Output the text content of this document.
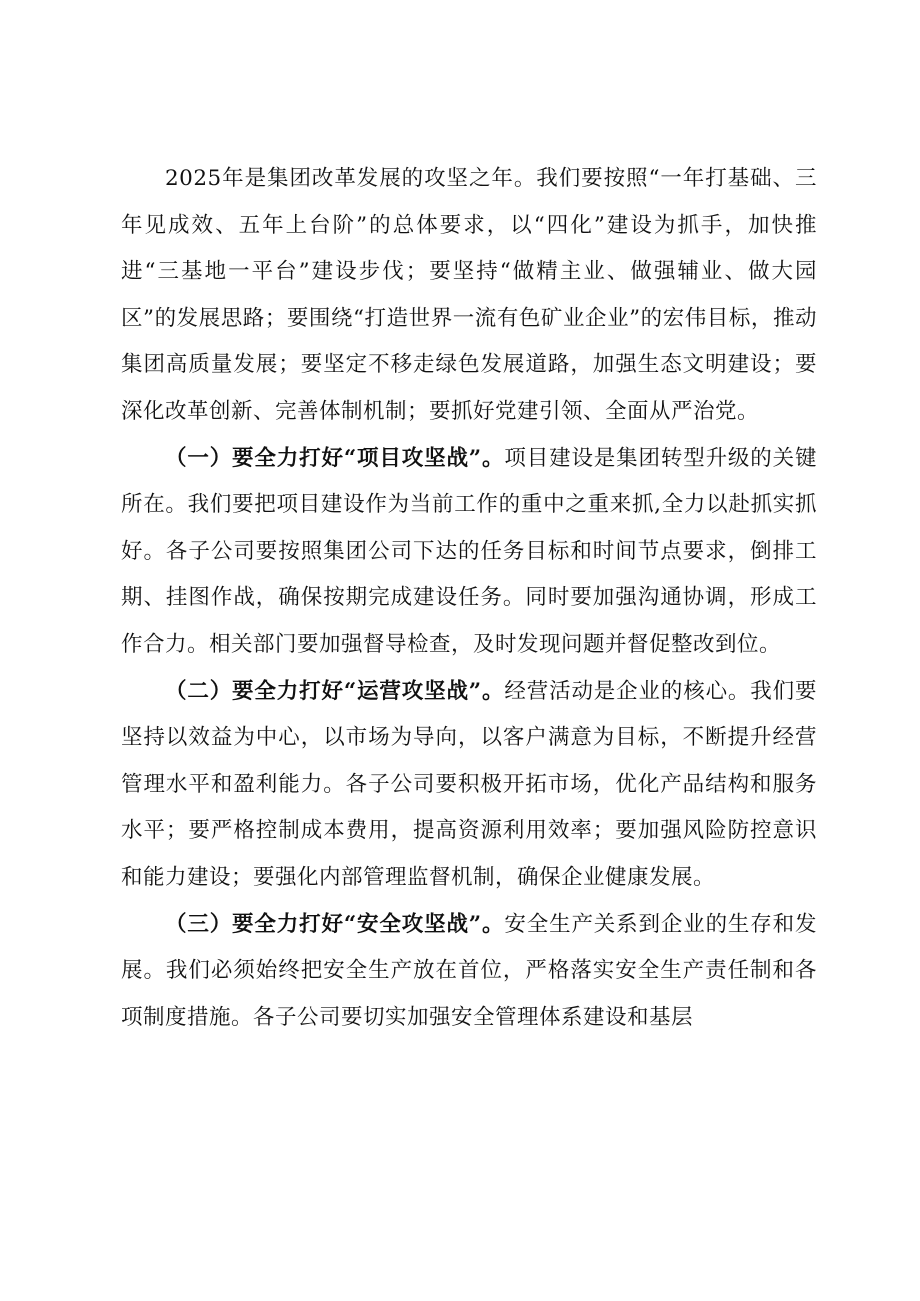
2025年是集团改革发展的攻坚之年。我们要按照“一年打基础、三年见成效、五年上台阶”的总体要求，以“四化”建设为抓手，加快推进“三基地一平台”建设步伐；要坚持“做精主业、做强辅业、做大园区”的发展思路；要围绕“打造世界一流有色矿业企业”的宏伟目标，推动集团高质量发展；要坚定不移走绿色发展道路，加强生态文明建设；要深化改革创新、完善体制机制；要抓好党建引领、全面从严治党。

（一）要全力打好“项目攻坚战”。项目建设是集团转型升级的关键所在。我们要把项目建设作为当前工作的重中之重来抓,全力以赴抓实抓好。各子公司要按照集团公司下达的任务目标和时间节点要求，倒排工期、挂图作战，确保按期完成建设任务。同时要加强沟通协调，形成工作合力。相关部门要加强督导检查，及时发现问题并督促整改到位。

（二）要全力打好“运营攻坚战”。经营活动是企业的核心。我们要坚持以效益为中心，以市场为导向，以客户满意为目标，不断提升经营管理水平和盈利能力。各子公司要积极开拓市场，优化产品结构和服务水平；要严格控制成本费用，提高资源利用效率；要加强风险防控意识和能力建设；要强化内部管理监督机制，确保企业健康发展。

（三）要全力打好“安全攻坚战”。安全生产关系到企业的生存和发展。我们必须始终把安全生产放在首位，严格落实安全生产责任制和各项制度措施。各子公司要切实加强安全管理体系建设和基层
